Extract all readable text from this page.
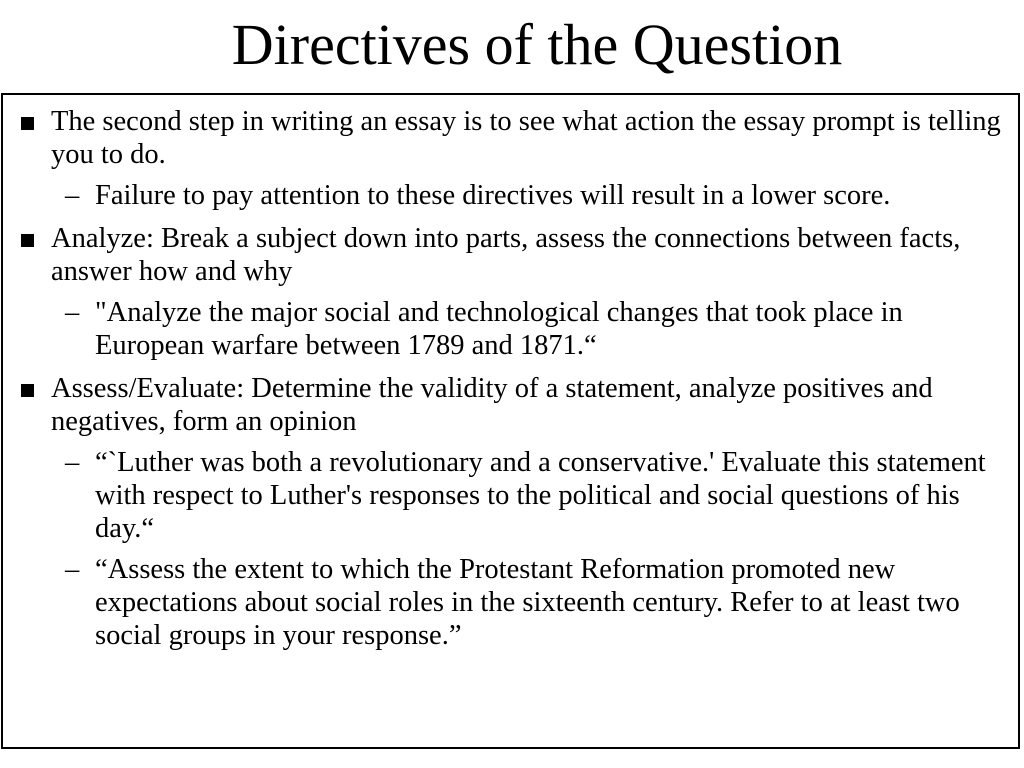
Directives of the Question
The second step in writing an essay is to see what action the essay prompt is telling you to do.
– Failure to pay attention to these directives will result in a lower score.
Analyze: Break a subject down into parts, assess the connections between facts, answer how and why
– "Analyze the major social and technological changes that took place in European warfare between 1789 and 1871.“
Assess/Evaluate: Determine the validity of a statement, analyze positives and negatives, form an opinion
– “`Luther was both a revolutionary and a conservative.' Evaluate this statement with respect to Luther's responses to the political and social questions of his day.“
– “Assess the extent to which the Protestant Reformation promoted new expectations about social roles in the sixteenth century. Refer to at least two social groups in your response.”
